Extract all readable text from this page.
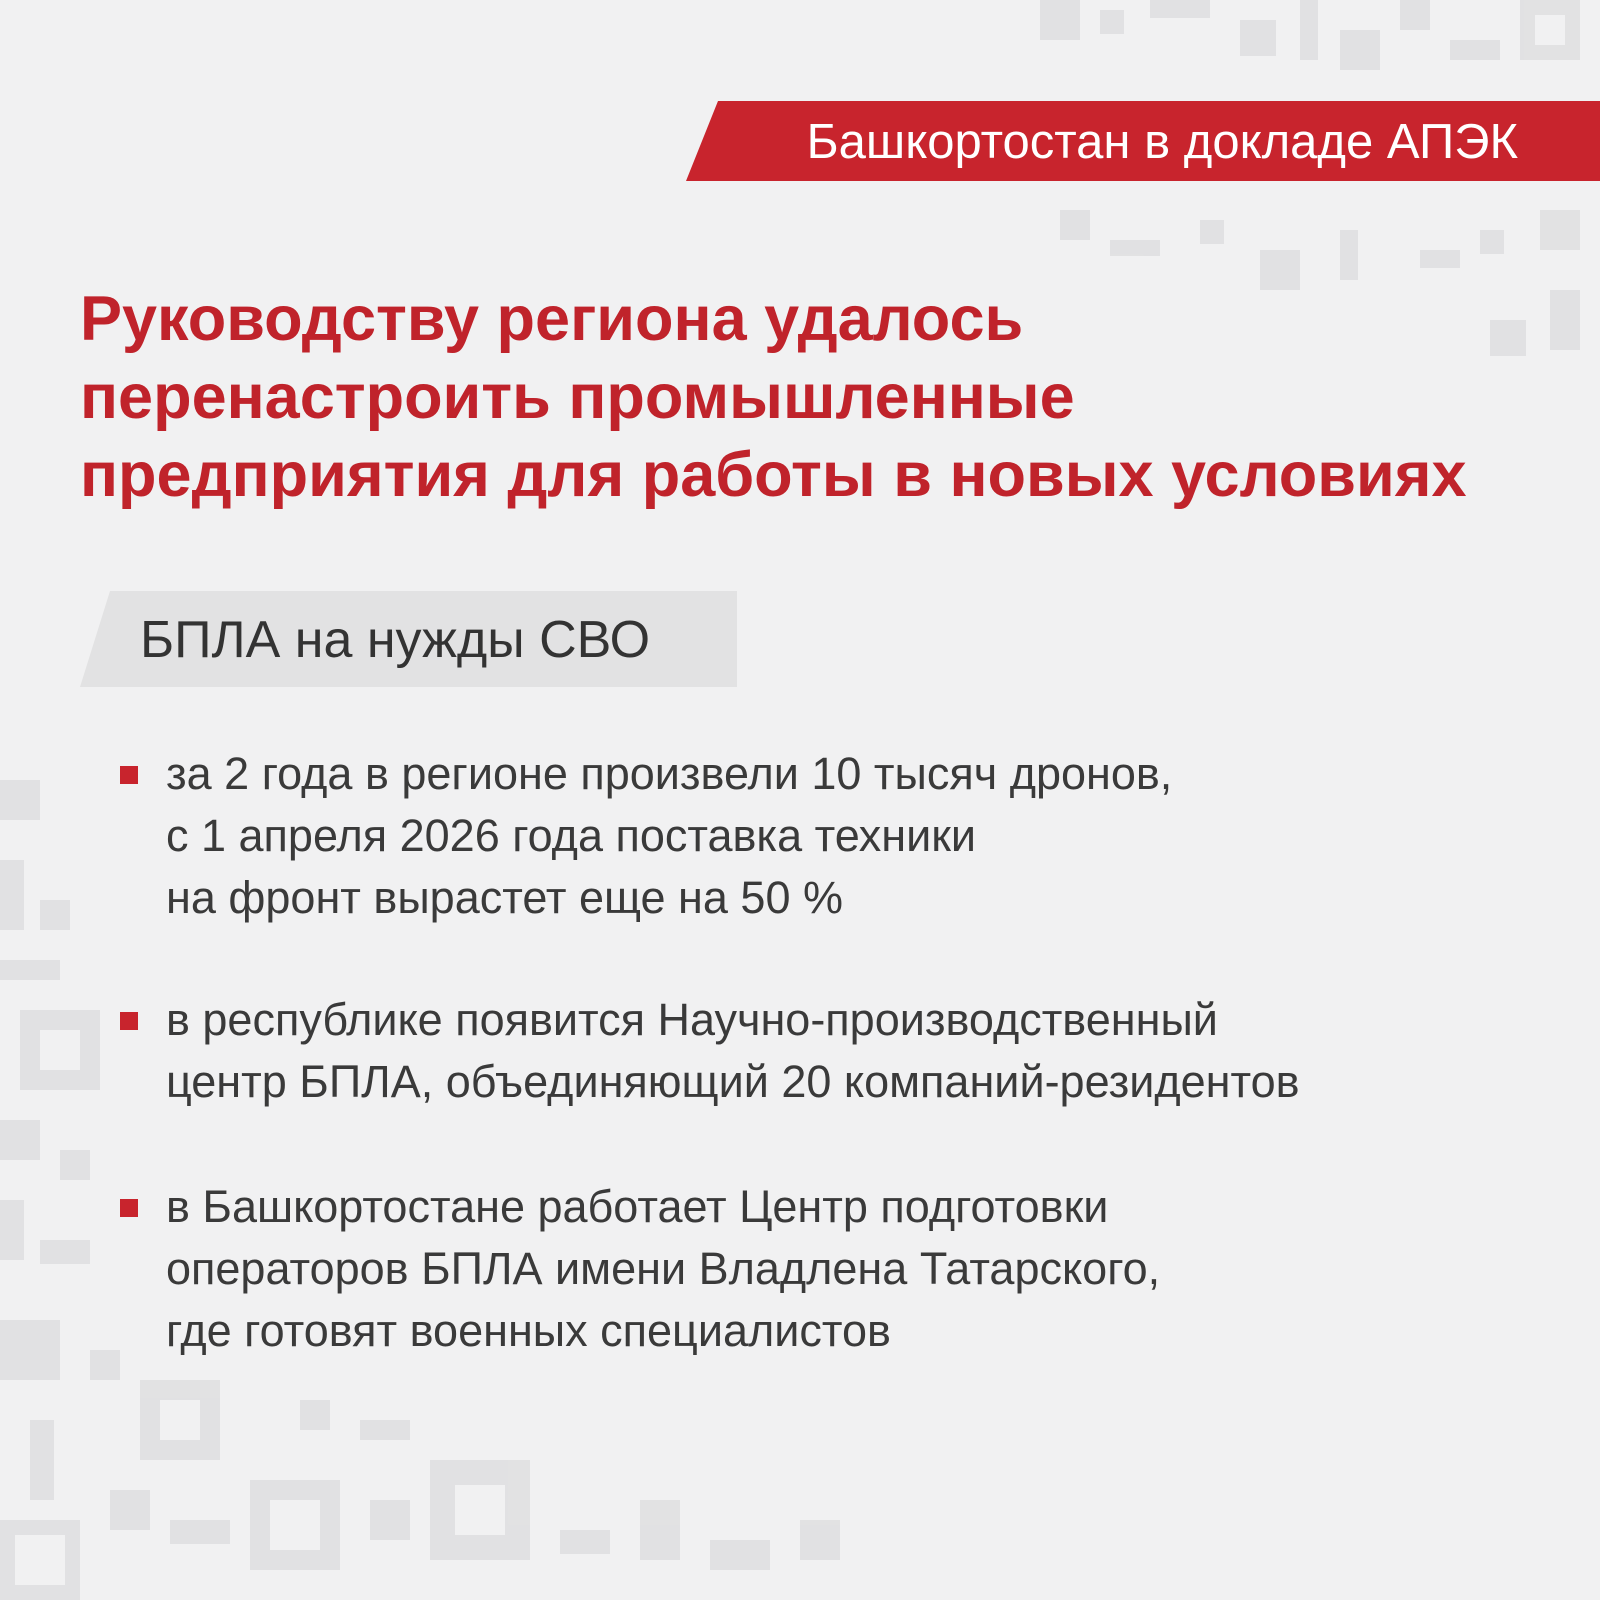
Башкортостан в докладе АПЭК
Руководству региона удалось
перенастроить промышленные
предприятия для работы в новых условиях
БПЛА на нужды СВО
за 2 года в регионе произвели 10 тысяч дронов,
с 1 апреля 2026 года поставка техники
на фронт вырастет еще на 50 %
в республике появится Научно-производственный
центр БПЛА, объединяющий 20 компаний-резидентов
в Башкортостане работает Центр подготовки
операторов БПЛА имени Владлена Татарского,
где готовят военных специалистов
